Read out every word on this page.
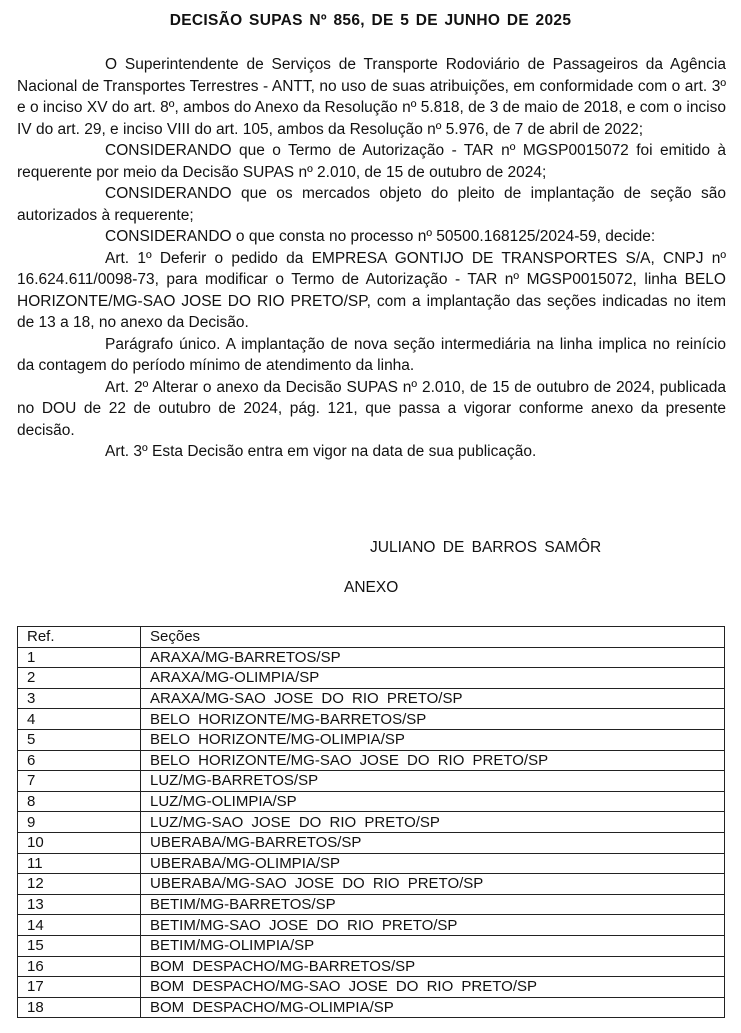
DECISÃO SUPAS Nº 856, DE 5 DE JUNHO DE 2025

O Superintendente de Serviços de Transporte Rodoviário de Passageiros da Agência Nacional de Transportes Terrestres - ANTT, no uso de suas atribuições, em conformidade com o art. 3º e o inciso XV do art. 8º, ambos do Anexo da Resolução nº 5.818, de 3 de maio de 2018, e com o inciso IV do art. 29, e inciso VIII do art. 105, ambos da Resolução nº 5.976, de 7 de abril de 2022;

CONSIDERANDO que o Termo de Autorização - TAR nº MGSP0015072 foi emitido à requerente por meio da Decisão SUPAS nº 2.010, de 15 de outubro de 2024;

CONSIDERANDO que os mercados objeto do pleito de implantação de seção são autorizados à requerente;

CONSIDERANDO o que consta no processo nº 50500.168125/2024-59, decide:

Art. 1º Deferir o pedido da EMPRESA GONTIJO DE TRANSPORTES S/A, CNPJ nº 16.624.611/0098-73, para modificar o Termo de Autorização - TAR nº MGSP0015072, linha BELO HORIZONTE/MG-SAO JOSE DO RIO PRETO/SP, com a implantação das seções indicadas no item de 13 a 18, no anexo da Decisão.

Parágrafo único. A implantação de nova seção intermediária na linha implica no reinício da contagem do período mínimo de atendimento da linha.

Art. 2º Alterar o anexo da Decisão SUPAS nº 2.010, de 15 de outubro de 2024, publicada no DOU de 22 de outubro de 2024, pág. 121, que passa a vigorar conforme anexo da presente decisão.

Art. 3º Esta Decisão entra em vigor na data de sua publicação.

JULIANO DE BARROS SAMÔR
ANEXO
Ref.	Seções
1	ARAXA/MG-BARRETOS/SP
2	ARAXA/MG-OLIMPIA/SP
3	ARAXA/MG-SAO JOSE DO RIO PRETO/SP
4	BELO HORIZONTE/MG-BARRETOS/SP
5	BELO HORIZONTE/MG-OLIMPIA/SP
6	BELO HORIZONTE/MG-SAO JOSE DO RIO PRETO/SP
7	LUZ/MG-BARRETOS/SP
8	LUZ/MG-OLIMPIA/SP
9	LUZ/MG-SAO JOSE DO RIO PRETO/SP
10	UBERABA/MG-BARRETOS/SP
11	UBERABA/MG-OLIMPIA/SP
12	UBERABA/MG-SAO JOSE DO RIO PRETO/SP
13	BETIM/MG-BARRETOS/SP
14	BETIM/MG-SAO JOSE DO RIO PRETO/SP
15	BETIM/MG-OLIMPIA/SP
16	BOM DESPACHO/MG-BARRETOS/SP
17	BOM DESPACHO/MG-SAO JOSE DO RIO PRETO/SP
18	BOM DESPACHO/MG-OLIMPIA/SP
